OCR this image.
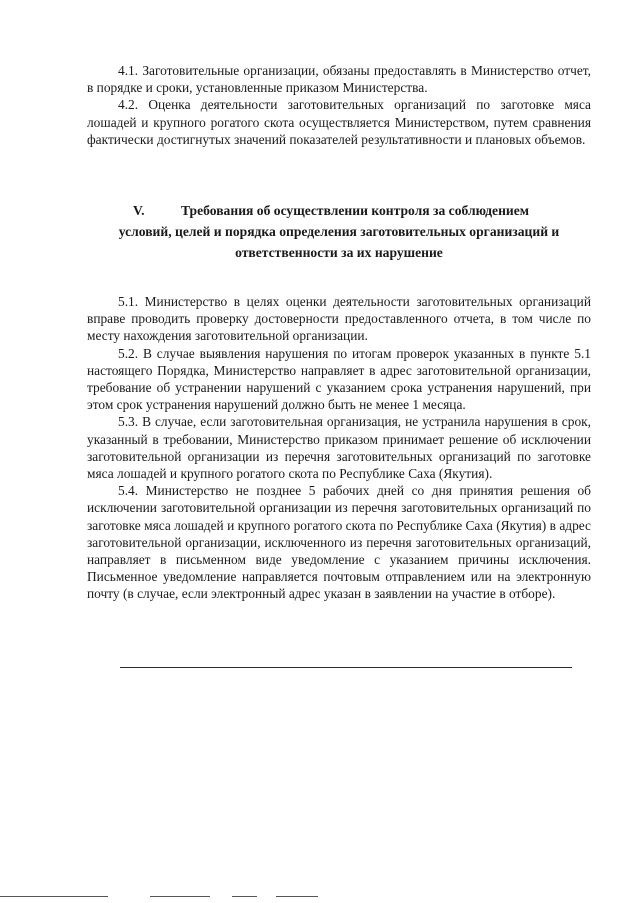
4.1. Заготовительные организации, обязаны предоставлять в Министерство отчет, в порядке и сроки, установленные приказом Министерства.

4.2. Оценка деятельности заготовительных организаций по заготовке мяса лошадей и крупного рогатого скота осуществляется Министерством, путем сравнения фактически достигнутых значений показателей результативности и плановых объемов.

V.	Требования об осуществлении контроля за соблюдением
условий, целей и порядка определения заготовительных организаций и
ответственности за их нарушение

5.1. Министерство в целях оценки деятельности заготовительных организаций вправе проводить проверку достоверности предоставленного отчета, в том числе по месту нахождения заготовительной организации.

5.2. В случае выявления нарушения по итогам проверок указанных в пункте 5.1 настоящего Порядка, Министерство направляет в адрес заготовительной организации, требование об устранении нарушений с указанием срока устранения нарушений, при этом срок устранения нарушений должно быть не менее 1 месяца.

5.3. В случае, если заготовительная организация, не устранила нарушения в срок, указанный в требовании, Министерство приказом принимает решение об исключении заготовительной организации из перечня заготовительных организаций по заготовке мяса лошадей и крупного рогатого скота по Республике Саха (Якутия).

5.4. Министерство не позднее 5 рабочих дней со дня принятия решения об исключении заготовительной организации из перечня заготовительных организаций по заготовке мяса лошадей и крупного рогатого скота по Республике Саха (Якутия) в адрес заготовительной организации, исключенного из перечня заготовительных организаций, направляет в письменном виде уведомление с указанием причины исключения. Письменное уведомление направляется почтовым отправлением или на электронную почту (в случае, если электронный адрес указан в заявлении на участие в отборе).
